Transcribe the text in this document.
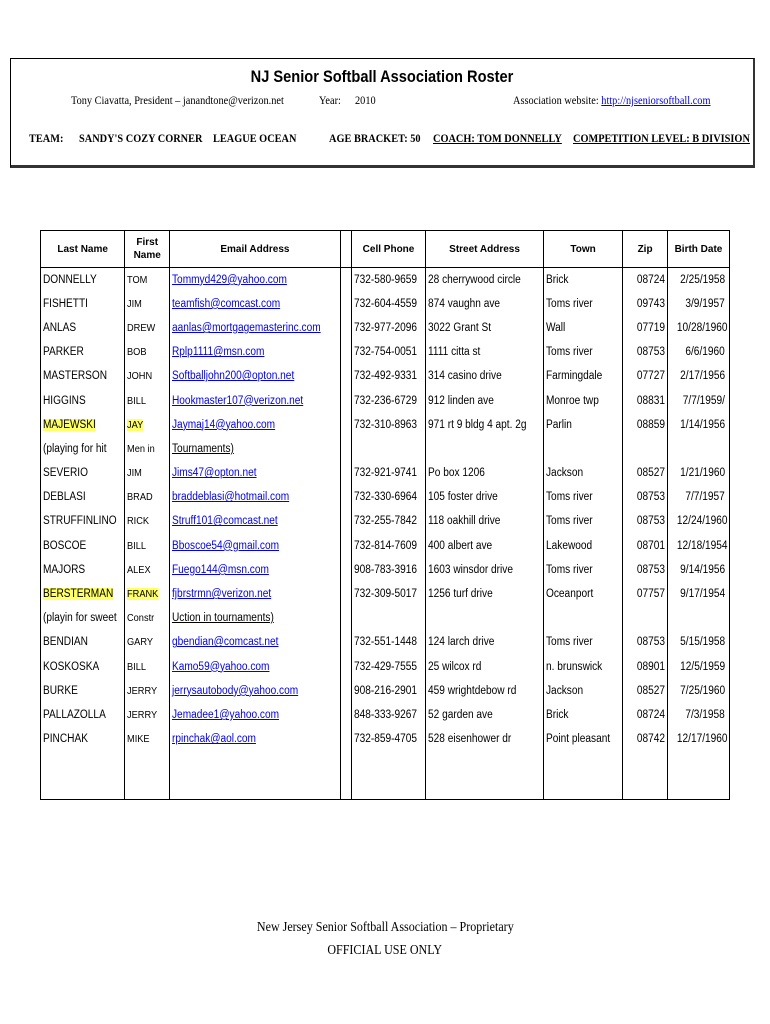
NJ Senior Softball Association Roster
Tony Ciavatta, President – janandtone@verizon.net	Year: 2010	Association website: http://njseniorsoftball.com
TEAM:	SANDY'S COZY CORNER LEAGUE OCEAN	AGE BRACKET: 50	COACH: TOM DONNELLY COMPETITION LEVEL: B DIVISION
Last Name	First
Name	Email Address		Cell Phone	Street Address	Town	Zip	Birth Date
DONNELLY	TOM	Tommyd429@yahoo.com		732-580-9659	28 cherrywood circle	Brick	08724	2/25/1958
FISHETTI	JIM	teamfish@comcast.com		732-604-4559	874 vaughn ave	Toms river	09743	3/9/1957
ANLAS	DREW	aanlas@mortgagemasterinc.com		732-977-2096	3022 Grant St	Wall	07719	10/28/1960
PARKER	BOB	Rplp1111@msn.com		732-754-0051	1111 citta st	Toms river	08753	6/6/1960
MASTERSON	JOHN	Softballjohn200@opton.net		732-492-9331	314 casino drive	Farmingdale	07727	2/17/1956
HIGGINS	BILL	Hookmaster107@verizon.net		732-236-6729	912 linden ave	Monroe twp	08831	7/7/1959/
MAJEWSKI	JAY	Jaymaj14@yahoo.com		732-310-8963	971 rt 9 bldg 4 apt. 2g	Parlin	08859	1/14/1956
(playing for hit	Men in	Tournaments)						
SEVERIO	JIM	Jims47@opton.net		732-921-9741	Po box 1206	Jackson	08527	1/21/1960
DEBLASI	BRAD	braddeblasi@hotmail.com		732-330-6964	105 foster drive	Toms river	08753	7/7/1957
STRUFFINLINO	RICK	Struff101@comcast.net		732-255-7842	118 oakhill drive	Toms river	08753	12/24/1960
BOSCOE	BILL	Bboscoe54@gmail.com		732-814-7609	400 albert ave	Lakewood	08701	12/18/1954
MAJORS	ALEX	Fuego144@msn.com		908-783-3916	1603 winsdor drive	Toms river	08753	9/14/1956
BERSTERMAN	FRANK	fjbrstrmn@verizon.net		732-309-5017	1256 turf drive	Oceanport	07757	9/17/1954
(playin for sweet	Constr	Uction in tournaments)						
BENDIAN	GARY	gbendian@comcast.net		732-551-1448	124 larch drive	Toms river	08753	5/15/1958
KOSKOSKA	BILL	Kamo59@yahoo.com		732-429-7555	25 wilcox rd	n. brunswick	08901	12/5/1959
BURKE	JERRY	jerrysautobody@yahoo.com		908-216-2901	459 wrightdebow rd	Jackson	08527	7/25/1960
PALLAZOLLA	JERRY	Jemadee1@yahoo.com		848-333-9267	52 garden ave	Brick	08724	7/3/1958
PINCHAK	MIKE	rpinchak@aol.com		732-859-4705	528 eisenhower dr	Point pleasant	08742	12/17/1960

New Jersey Senior Softball Association – Proprietary
OFFICIAL USE ONLY
